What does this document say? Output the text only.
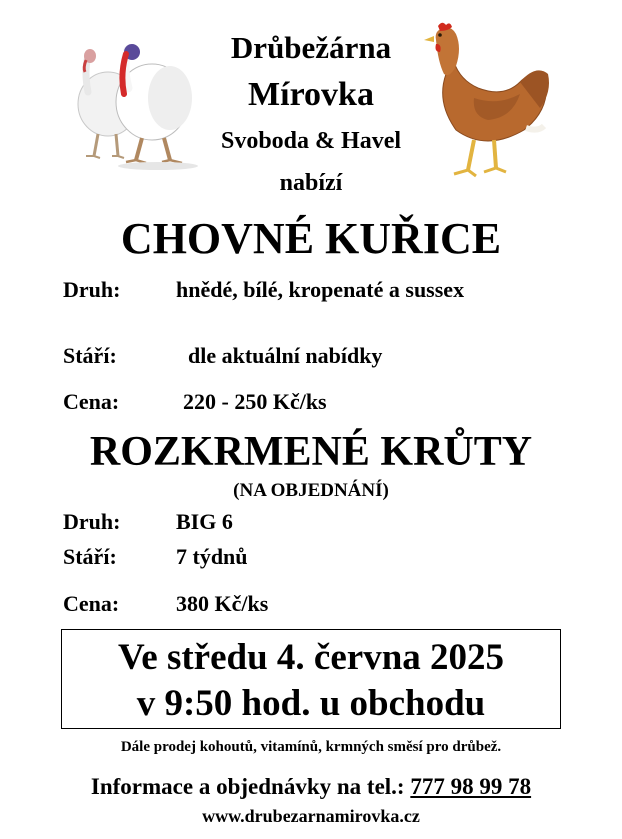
Drůbežárna
Mírovka
Svoboda & Havel
nabízí
CHOVNÉ KUŘICE
Druh:	hnědé, bílé, kropenaté a sussex
Stáří:	dle aktuální nabídky
Cena:	220 - 250 Kč/ks
ROZKRMENÉ KRŮTY
(NA OBJEDNÁNÍ)
Druh:	BIG 6
Stáří:	7 týdnů
Cena:	380 Kč/ks
Ve středu 4. června 2025
v 9:50 hod. u obchodu
Dále prodej kohoutů, vitamínů, krmných směsí pro drůbež.
Informace a objednávky na tel.: 777 98 99 78
www.drubezarnamirovka.cz
